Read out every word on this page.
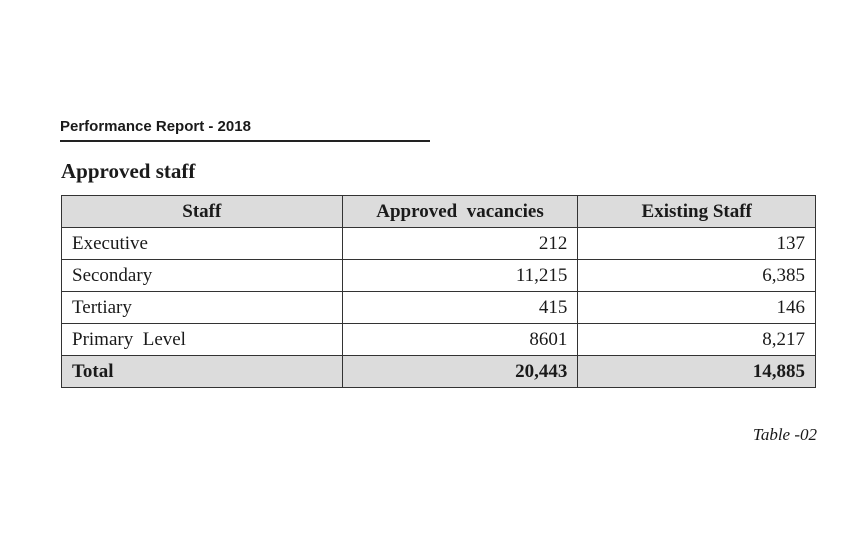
Performance Report - 2018
Approved staff
Staff	Approved  vacancies	Existing Staff
Executive	212	137
Secondary	11,215	6,385
Tertiary	415	146
Primary  Level	8601	8,217
Total	20,443	14,885
Table -02
